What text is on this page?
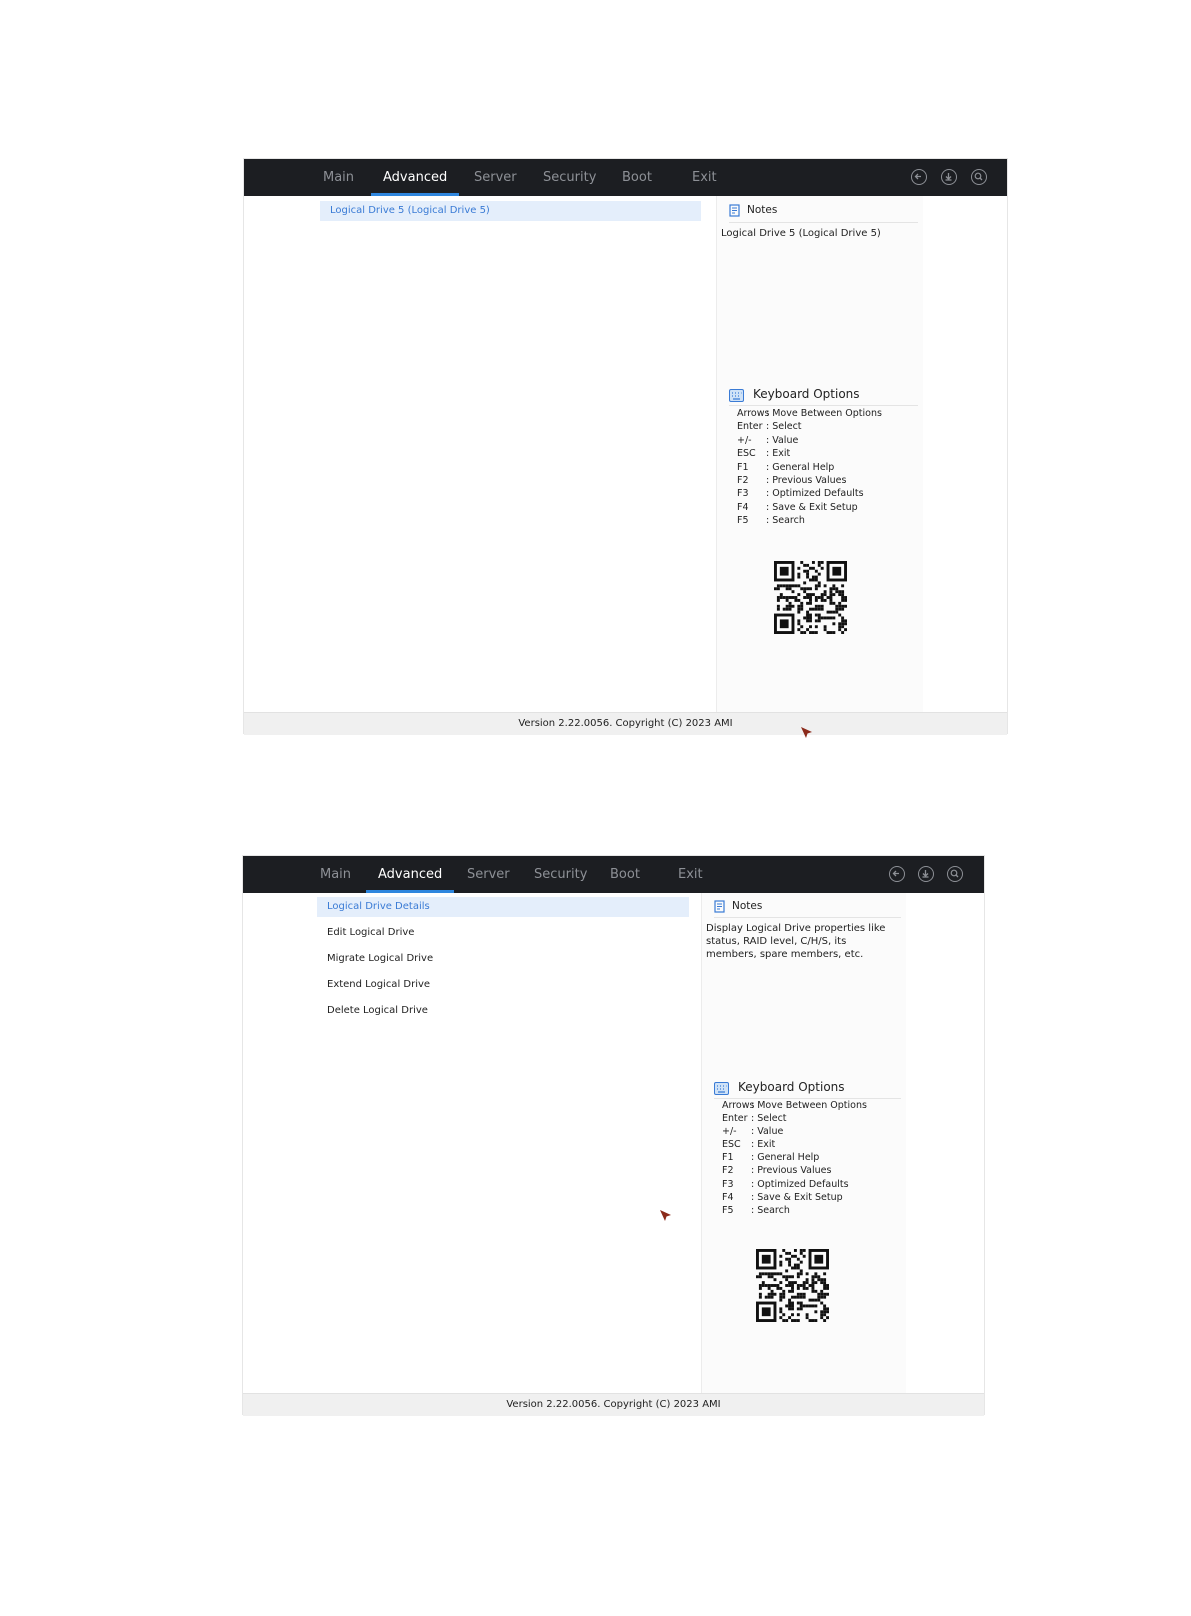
Main Advanced Server Security Boot	Exit
Logical Drive 5 (Logical Drive 5)	Notes
Logical Drive 5 (Logical Drive 5)
Keyboard Options
Arrows: Move Between Options
Enter : Select
+/- : Value
ESC : Exit
F1 : General Help
F2 : Previous Values
F3 : Optimized Defaults
F4 : Save & Exit Setup
F5 : Search
Version 2.22.0056. Copyright (C) 2023 AMI
Main Advanced Server Security Boot	Exit
Logical Drive Details
Edit Logical Drive
Migrate Logical Drive
Extend Logical Drive
Delete Logical Drive
Notes
Display Logical Drive properties like status, RAID level, C/H/S, its members, spare members, etc.
Keyboard Options
Arrows: Move Between Options
Enter : Select
+/- : Value
ESC : Exit
F1 : General Help
F2 : Previous Values
F3 : Optimized Defaults
F4 : Save & Exit Setup
F5 : Search
Version 2.22.0056. Copyright (C) 2023 AMI
